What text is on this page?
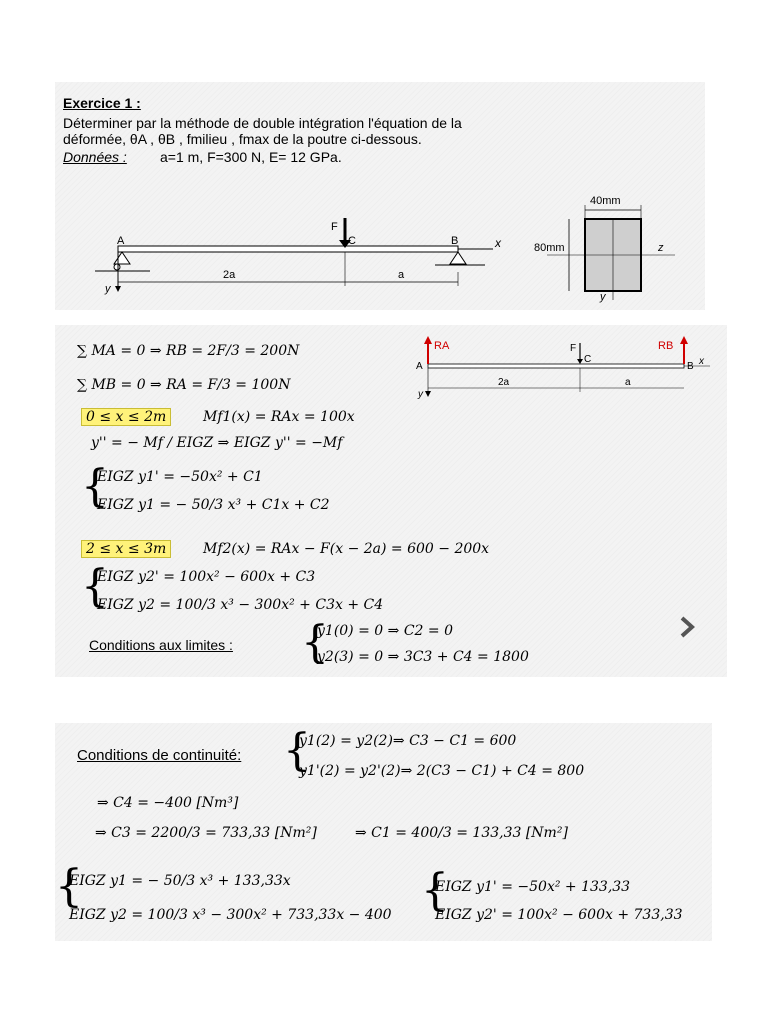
Exercice 1 :
Déterminer par la méthode de double intégration l'équation de la
déformée, θA , θB , fmilieu , fmax de la poutre ci-dessous.
Données : a=1 m, F=300 N, E= 12 GPa.
F
A	C	B	x
y
2a	a
40mm
80mm	z
y
∑ MA = 0 ⇒ RB = 2F/3 = 200N
∑ MB = 0 ⇒ RA = F/3 = 100N
0 ≤ x ≤ 2m	Mf1(x) = RAx = 100x
y'' = − Mf / EIGZ ⇒ EIGZ y'' = −Mf
{
EIGZ y1' = −50x² + C1
EIGZ y1 = − 50/3 x³ + C1x + C2
2 ≤ x ≤ 3m	Mf2(x) = RAx − F(x − 2a) = 600 − 200x
{
EIGZ y2' = 100x² − 600x + C3
EIGZ y2 = 100/3 x³ − 300x² + C3x + C4
Conditions aux limites : {
y1(0) = 0 ⇒ C2 = 0
y2(3) = 0 ⇒ 3C3 + C4 = 1800
RA	RB
F
C
A	B x
y
2a	a
Conditions de continuité: {
y1(2) = y2(2)⇒ C3 − C1 = 600
y1'(2) = y2'(2)⇒ 2(C3 − C1) + C4 = 800
⇒ C4 = −400 [Nm³]
⇒ C3 = 2200/3 = 733,33 [Nm²]	⇒ C1 = 400/3 = 133,33 [Nm²]
{
EIGZ y1 = − 50/3 x³ + 133,33x
EIGZ y2 = 100/3 x³ − 300x² + 733,33x − 400 {
EIGZ y1' = −50x² + 133,33
EIGZ y2' = 100x² − 600x + 733,33
